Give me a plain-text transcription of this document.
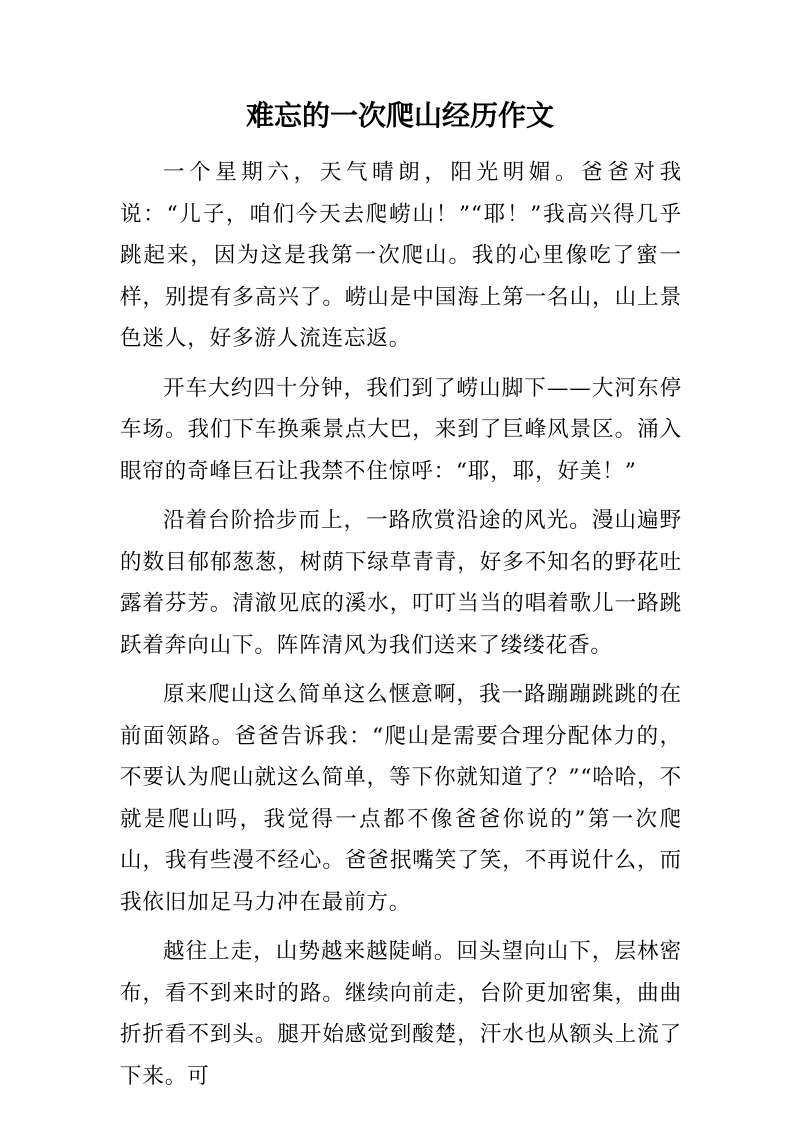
难忘的一次爬山经历作文

一个星期六，天气晴朗，阳光明媚。爸爸对我说：“儿子，咱们今天去爬崂山！”“耶！”我高兴得几乎跳起来，因为这是我第一次爬山。我的心里像吃了蜜一样，别提有多高兴了。崂山是中国海上第一名山，山上景色迷人，好多游人流连忘返。

开车大约四十分钟，我们到了崂山脚下——大河东停车场。我们下车换乘景点大巴，来到了巨峰风景区。涌入眼帘的奇峰巨石让我禁不住惊呼：“耶，耶，好美！”

沿着台阶拾步而上，一路欣赏沿途的风光。漫山遍野的数目郁郁葱葱，树荫下绿草青青，好多不知名的野花吐露着芬芳。清澈见底的溪水，叮叮当当的唱着歌儿一路跳跃着奔向山下。阵阵清风为我们送来了缕缕花香。

原来爬山这么简单这么惬意啊，我一路蹦蹦跳跳的在前面领路。爸爸告诉我：“爬山是需要合理分配体力的，不要认为爬山就这么简单，等下你就知道了？”“哈哈，不就是爬山吗，我觉得一点都不像爸爸你说的”第一次爬山，我有些漫不经心。爸爸抿嘴笑了笑，不再说什么，而我依旧加足马力冲在最前方。

越往上走，山势越来越陡峭。回头望向山下，层林密布，看不到来时的路。继续向前走，台阶更加密集，曲曲折折看不到头。腿开始感觉到酸楚，汗水也从额头上流了下来。可
